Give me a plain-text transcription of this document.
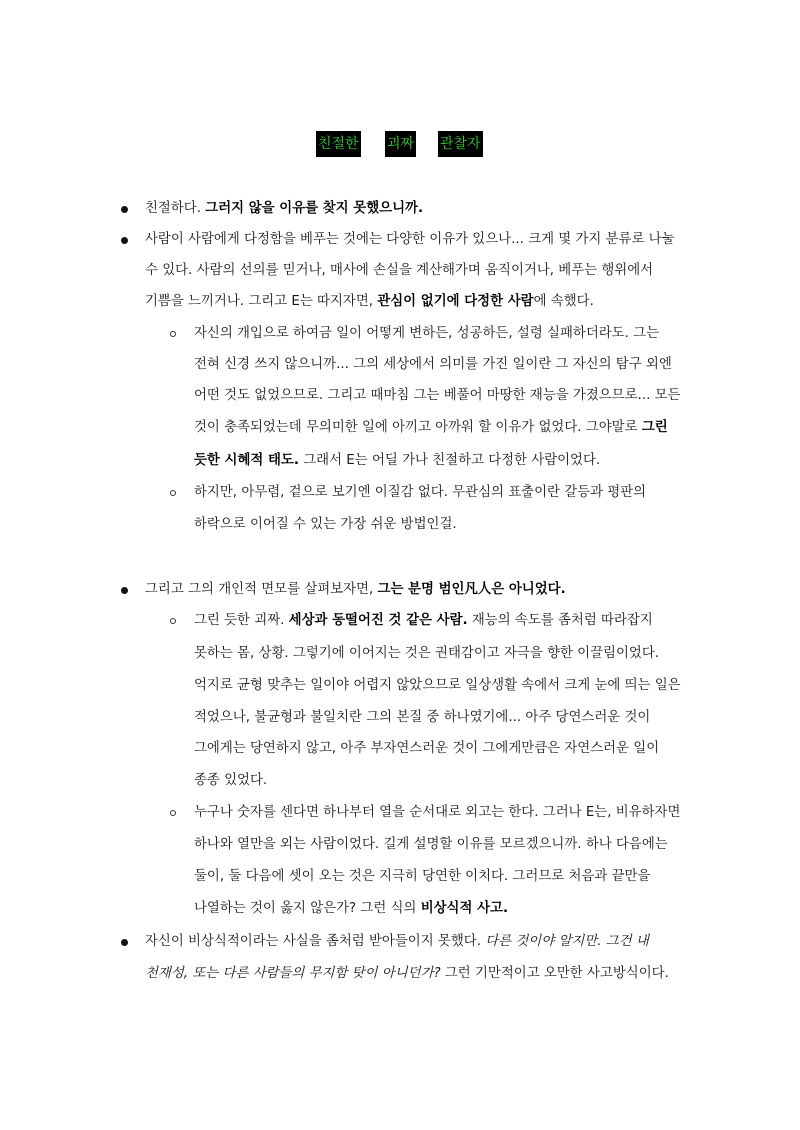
친절한 괴짜 관찰자
친절하다. 그러지 않을 이유를 찾지 못했으니까.
사람이 사람에게 다정함을 베푸는 것에는 다양한 이유가 있으나... 크게 몇 가지 분류로 나눌
수 있다. 사람의 선의를 믿거나, 매사에 손실을 계산해가며 움직이거나, 베푸는 행위에서
기쁨을 느끼거나. 그리고 E는 따지자면, 관심이 없기에 다정한 사람에 속했다.
자신의 개입으로 하여금 일이 어떻게 변하든, 성공하든, 설령 실패하더라도. 그는
전혀 신경 쓰지 않으니까... 그의 세상에서 의미를 가진 일이란 그 자신의 탐구 외엔
어떤 것도 없었으므로. 그리고 때마침 그는 베풀어 마땅한 재능을 가졌으므로... 모든
것이 충족되었는데 무의미한 일에 아끼고 아까워 할 이유가 없었다. 그야말로 그린
듯한 시혜적 태도. 그래서 E는 어딜 가나 친절하고 다정한 사람이었다.
하지만, 아무렴, 겉으로 보기엔 이질감 없다. 무관심의 표출이란 갈등과 평판의
하락으로 이어질 수 있는 가장 쉬운 방법인걸.
그리고 그의 개인적 면모를 살펴보자면, 그는 분명 범인凡人은 아니었다.
그린 듯한 괴짜. 세상과 동떨어진 것 같은 사람. 재능의 속도를 좀처럼 따라잡지
못하는 몸, 상황. 그렇기에 이어지는 것은 권태감이고 자극을 향한 이끌림이었다.
억지로 균형 맞추는 일이야 어렵지 않았으므로 일상생활 속에서 크게 눈에 띄는 일은
적었으나, 불균형과 불일치란 그의 본질 중 하나였기에... 아주 당연스러운 것이
그에게는 당연하지 않고, 아주 부자연스러운 것이 그에게만큼은 자연스러운 일이
종종 있었다.
누구나 숫자를 센다면 하나부터 열을 순서대로 외고는 한다. 그러나 E는, 비유하자면
하나와 열만을 외는 사람이었다. 길게 설명할 이유를 모르겠으니까. 하나 다음에는
둘이, 둘 다음에 셋이 오는 것은 지극히 당연한 이치다. 그러므로 처음과 끝만을
나열하는 것이 옳지 않은가? 그런 식의 비상식적 사고.
자신이 비상식적이라는 사실을 좀처럼 받아들이지 못했다. 다른 것이야 알지만. 그건 내
천재성, 또는 다른 사람들의 무지함 탓이 아니던가? 그런 기만적이고 오만한 사고방식이다.
